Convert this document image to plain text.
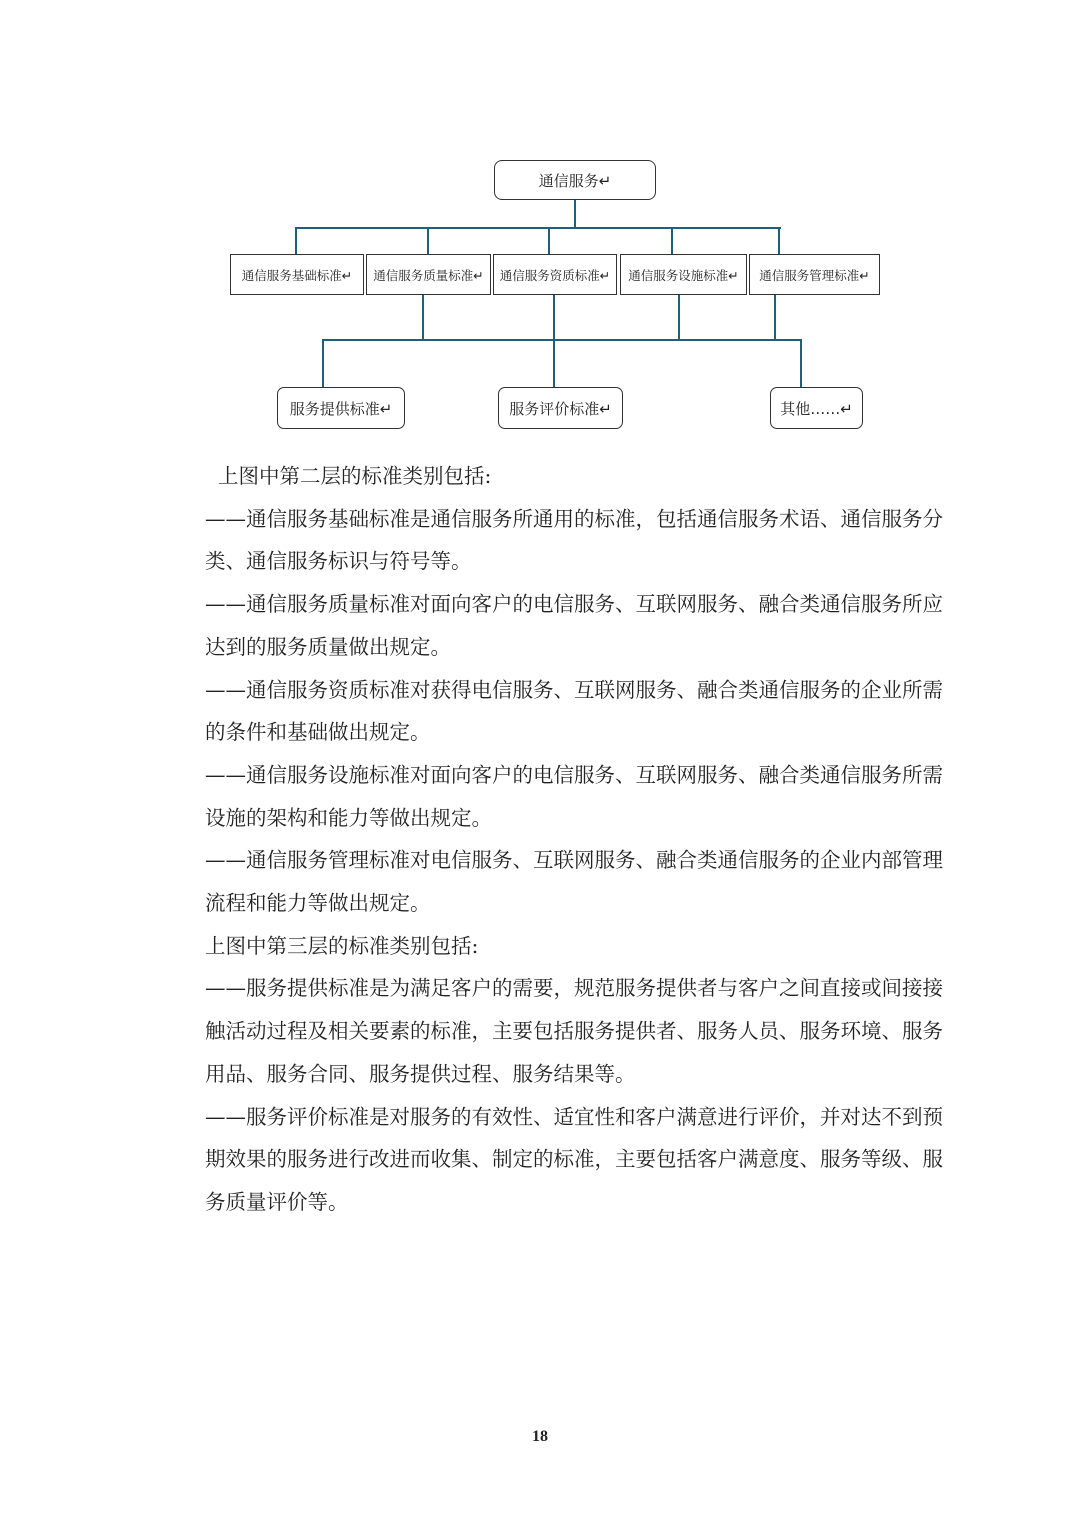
通信服务↵
通信服务基础标准↵	通信服务质量标准↵	通信服务资质标准↵	通信服务设施标准↵	通信服务管理标准↵
服务提供标准↵	服务评价标准↵	其他……↵

上图中第二层的标准类别包括:

——通信服务基础标准是通信服务所通用的标准，包括通信服务术语、通信服务分类、通信服务标识与符号等。

——通信服务质量标准对面向客户的电信服务、互联网服务、融合类通信服务所应达到的服务质量做出规定。

——通信服务资质标准对获得电信服务、互联网服务、融合类通信服务的企业所需的条件和基础做出规定。

——通信服务设施标准对面向客户的电信服务、互联网服务、融合类通信服务所需设施的架构和能力等做出规定。

——通信服务管理标准对电信服务、互联网服务、融合类通信服务的企业内部管理流程和能力等做出规定。

上图中第三层的标准类别包括:

——服务提供标准是为满足客户的需要，规范服务提供者与客户之间直接或间接接触活动过程及相关要素的标准，主要包括服务提供者、服务人员、服务环境、服务用品、服务合同、服务提供过程、服务结果等。

——服务评价标准是对服务的有效性、适宜性和客户满意进行评价，并对达不到预期效果的服务进行改进而收集、制定的标准，主要包括客户满意度、服务等级、服务质量评价等。

18
